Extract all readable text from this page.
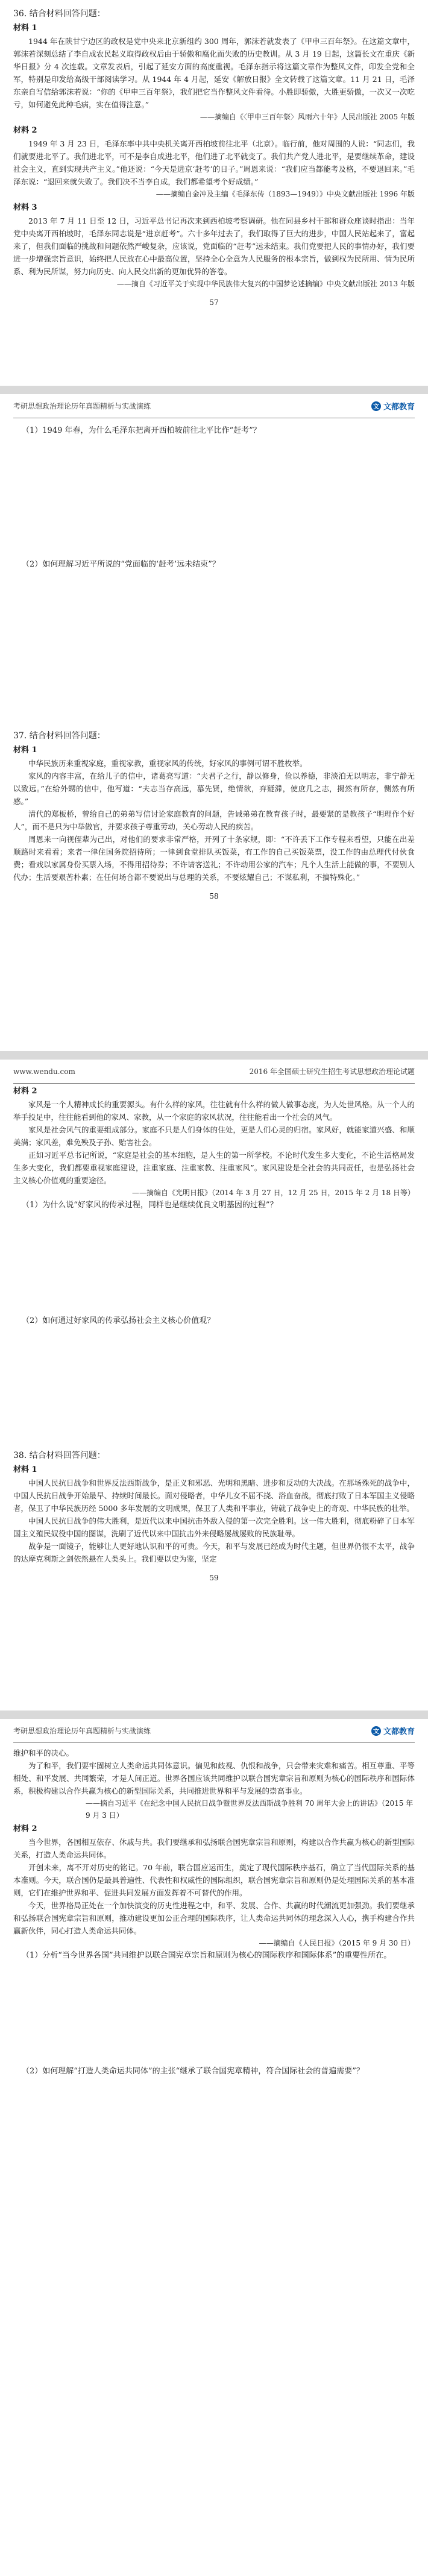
36. 结合材料回答问题：
材料 1

1944 年在陕甘宁边区的政权是党中央来北京新组约 300 周年，郭沫若就发表了《甲申三百年祭》。在这篇文章中，郭沫若深刻总结了李自成农民起义取得政权后由于骄傲和腐化而失败的历史教训。从 3 月 19 日起，这篇长文在重庆《新华日报》分 4 次连载。文章发表后，引起了延安方面的高度重视。毛泽东指示将这篇文章作为整风文件，印发全党和全军，特别是印发给高级干部阅读学习。从 1944 年 4 月起，延安《解放日报》全文转载了这篇文章。11 月 21 日，毛泽东亲自写信给郭沫若说：“你的《甲申三百年祭》，我们把它当作整风文件看待。小胜即骄傲，大胜更骄傲，一次又一次吃亏，如何避免此种毛病，实在值得注意。”

——摘编自《〈甲申三百年祭〉风雨六十年》人民出版社 2005 年版

材料 2

1949 年 3 月 23 日，毛泽东率中共中央机关离开西柏坡前往北平（北京）。临行前，他对周围的人说：“同志们，我们就要进北平了。我们进北平，可不是李自成进北平，他们进了北平就变了。我们共产党人进北平，是要继续革命，建设社会主义，直到实现共产主义。”他还说：“今天是进京‘赶考’的日子。”周恩来说：“我们应当都能考及格，不要退回来。”毛泽东说：“退回来就失败了。我们决不当李自成，我们都希望考个好成绩。”

——摘编自金冲及主编《毛泽东传（1893—1949）》中央文献出版社 1996 年版

材料 3

2013 年 7 月 11 日至 12 日，习近平总书记再次来到西柏坡考察调研。他在同县乡村干部和群众座谈时指出：当年党中央离开西柏坡时，毛泽东同志说是“进京赶考”。六十多年过去了，我们取得了巨大的进步，中国人民站起来了，富起来了，但我们面临的挑战和问题依然严峻复杂，应该说，党面临的“赶考”远未结束。我们党要把人民的事情办好，我们要进一步增强宗旨意识，始终把人民放在心中最高位置，坚持全心全意为人民服务的根本宗旨，做到权为民所用、情为民所系、利为民所谋，努力向历史、向人民交出新的更加优异的答卷。

——摘自《习近平关于实现中华民族伟大复兴的中国梦论述摘编》中央文献出版社 2013 年版

57
考研思想政治理论历年真题精析与实战演练	文 文都教育

（1）1949 年春，为什么毛泽东把离开西柏坡前往北平比作“赶考”？

（2）如何理解习近平所说的“党面临的‘赶考’远未结束”？

37. 结合材料回答问题：
材料 1

中华民族历来重视家庭，重视家教，重视家风的传统，好家风的事例可谓不胜枚举。

家风的内容丰富，在给儿子的信中，诸葛亮写道：“夫君子之行，静以修身，俭以养德，非淡泊无以明志，非宁静无以致远。”在给外甥的信中，他写道：“夫志当存高远，慕先贤，绝情欲，弃疑滞，使庶几之志，揭然有所存，恻然有所感。”

清代的郑板桥，曾给自己的弟弟写信讨论家庭教育的问题，告诫弟弟在教育孩子时，最要紧的是教孩子“明理作个好人”，而不是只为中举做官，并要求孩子尊重劳动，关心劳动人民的疾苦。

周恩来一向视侄辈为己出，对他们的要求非常严格，开列了十条家规，即：“不许丢下工作专程来看望，只能在出差顺路时来看看；来者一律住国务院招待所；一律到食堂排队买饭菜，有工作的自己买饭菜票，没工作的由总理代付伙食费；看戏以家属身份买票入场，不得用招待券；不许请客送礼；不许动用公家的汽车；凡个人生活上能做的事，不要别人代办；生活要艰苦朴素；在任何场合都不要说出与总理的关系，不要炫耀自己；不谋私利，不搞特殊化。”

58
www.wendu.com	2016 年全国硕士研究生招生考试思想政治理论试题
材料 2

家风是一个人精神成长的重要源头。有什么样的家风，往往就有什么样的做人做事态度，为人处世风格。从一个人的举手投足中，往往能看到他的家风、家教，从一个家庭的家风状况，往往能看出一个社会的风气。

家风是社会风气的重要组成部分。家庭不只是人们身体的住处，更是人们心灵的归宿。家风好，就能家道兴盛、和顺美满；家风差，难免殃及子孙、贻害社会。

正如习近平总书记所说，“家庭是社会的基本细胞，是人生的第一所学校。不论时代发生多大变化，不论生活格局发生多大变化，我们都要重视家庭建设，注重家庭、注重家教、注重家风”。家风建设是全社会的共同责任，也是弘扬社会主义核心价值观的重要途径。

——摘编自《光明日报》（2014 年 3 月 27 日，12 月 25 日，2015 年 2 月 18 日等）

（1）为什么说“好家风的传承过程，同样也是继续优良文明基因的过程”？

（2）如何通过好家风的传承弘扬社会主义核心价值观？

38. 结合材料回答问题：
材料 1

中国人民抗日战争和世界反法西斯战争，是正义和邪恶、光明和黑暗、进步和反动的大决战。在那场殊死的战争中，中国人民抗日战争开始最早、持续时间最长。面对侵略者，中华儿女不屈不挠、浴血奋战，彻底打败了日本军国主义侵略者，保卫了中华民族历经 5000 多年发展的文明成果，保卫了人类和平事业，铸就了战争史上的奇观、中华民族的壮举。

中国人民抗日战争的伟大胜利，是近代以来中国抗击外敌入侵的第一次完全胜利。这一伟大胜利，彻底粉碎了日本军国主义殖民奴役中国的图谋，洗刷了近代以来中国抗击外来侵略屡战屡败的民族耻辱。

战争是一面镜子，能够让人更好地认识和平的可贵。今天，和平与发展已经成为时代主题，但世界仍很不太平，战争的达摩克利斯之剑依然悬在人类头上。我们要以史为鉴，坚定

59
考研思想政治理论历年真题精析与实战演练	文 文都教育

维护和平的决心。

为了和平，我们要牢固树立人类命运共同体意识。偏见和歧视、仇恨和战争，只会带来灾难和痛苦。相互尊重、平等相处、和平发展、共同繁荣，才是人间正道。世界各国应该共同维护以联合国宪章宗旨和原则为核心的国际秩序和国际体系，积极构建以合作共赢为核心的新型国际关系，共同推进世界和平与发展的崇高事业。

——摘自习近平《在纪念中国人民抗日战争暨世界反法西斯战争胜利 70 周年大会上的讲话》（2015 年 9 月 3 日）

材料 2

当今世界，各国相互依存、休戚与共。我们要继承和弘扬联合国宪章宗旨和原则，构建以合作共赢为核心的新型国际关系，打造人类命运共同体。

开创未来，离不开对历史的铭记。70 年前，联合国应运而生，奠定了现代国际秩序基石，确立了当代国际关系的基本准则。今天，联合国仍是最具普遍性、代表性和权威性的国际组织，联合国宪章宗旨和原则仍是处理国际关系的基本准则，它们在维护世界和平、促进共同发展方面发挥着不可替代的作用。

今天，世界格局正处在一个加快演变的历史性进程之中，和平、发展、合作、共赢的时代潮流更加强劲。我们要继承和弘扬联合国宪章宗旨和原则，推动建设更加公正合理的国际秩序，让人类命运共同体的理念深入人心，携手构建合作共赢新伙伴，同心打造人类命运共同体。

——摘编自《人民日报》（2015 年 9 月 30 日）

（1）分析“当今世界各国”共同维护以联合国宪章宗旨和原则为核心的国际秩序和国际体系”的重要性所在。

（2）如何理解“打造人类命运共同体”的主张“继承了联合国宪章精神，符合国际社会的普遍需要”？
